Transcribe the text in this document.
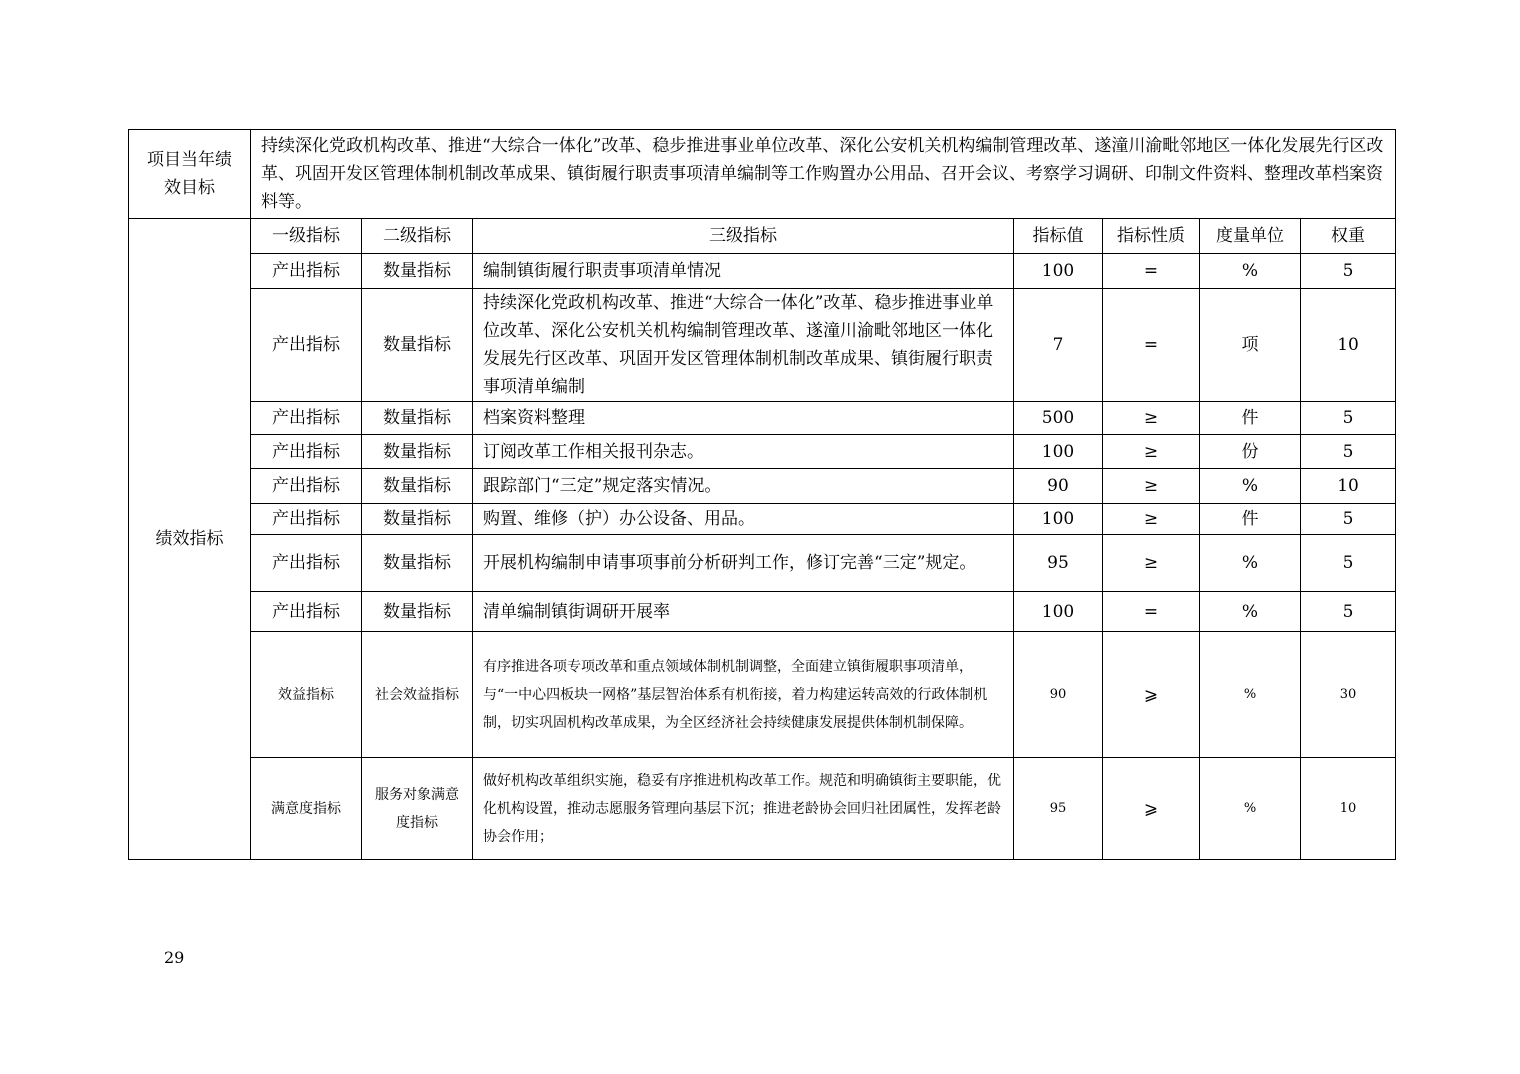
项目当年绩效目标	持续深化党政机构改革、推进“大综合一体化”改革、稳步推进事业单位改革、深化公安机关机构编制管理改革、遂潼川渝毗邻地区一体化发展先行区改革、巩固开发区管理体制机制改革成果、镇街履行职责事项清单编制等工作购置办公用品、召开会议、考察学习调研、印制文件资料、整理改革档案资料等。						
绩效指标	一级指标	二级指标	三级指标	指标值	指标性质	度量单位	权重
	产出指标	数量指标	编制镇街履行职责事项清单情况	100	=	%	5
	产出指标	数量指标	持续深化党政机构改革、推进“大综合一体化”改革、稳步推进事业单位改革、深化公安机关机构编制管理改革、遂潼川渝毗邻地区一体化发展先行区改革、巩固开发区管理体制机制改革成果、镇街履行职责事项清单编制	7	=	项	10
	产出指标	数量指标	档案资料整理	500	≥	件	5
	产出指标	数量指标	订阅改革工作相关报刊杂志。	100	≥	份	5
	产出指标	数量指标	跟踪部门“三定”规定落实情况。	90	≥	%	10
	产出指标	数量指标	购置、维修（护）办公设备、用品。	100	≥	件	5
	产出指标	数量指标	开展机构编制申请事项事前分析研判工作，修订完善“三定”规定。	95	≥	%	5
	产出指标	数量指标	清单编制镇街调研开展率	100	=	%	5
	效益指标	社会效益指标	有序推进各项专项改革和重点领域体制机制调整，全面建立镇街履职事项清单，与“一中心四板块一网格”基层智治体系有机衔接，着力构建运转高效的行政体制机制，切实巩固机构改革成果，为全区经济社会持续健康发展提供体制机制保障。	90	⩾	%	30
	满意度指标	服务对象满意度指标	做好机构改革组织实施，稳妥有序推进机构改革工作。规范和明确镇街主要职能，优化机构设置，推动志愿服务管理向基层下沉；推进老龄协会回归社团属性，发挥老龄协会作用；	95	⩾	%	10
29
